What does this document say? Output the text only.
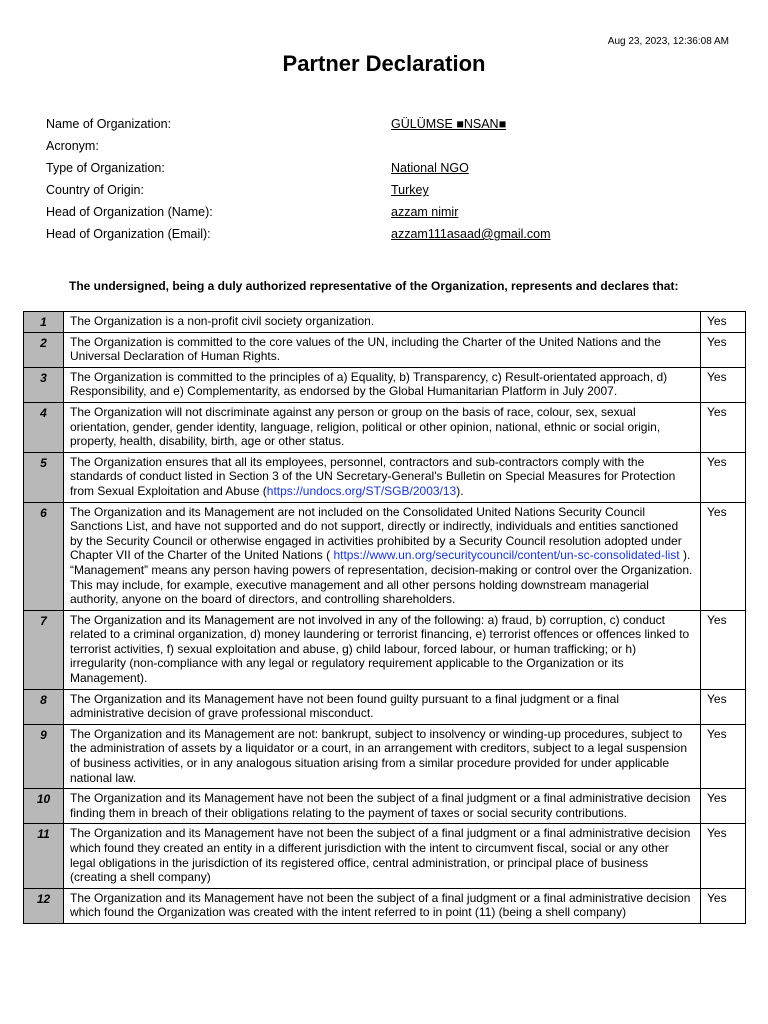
Aug 23, 2023, 12:36:08 AM
Partner Declaration
Name of Organization:	GÜLÜMSE ■NSAN■
Acronym:
Type of Organization:	National NGO
Country of Origin:	Turkey
Head of Organization (Name):	azzam nimir
Head of Organization (Email):	azzam111asaad@gmail.com
The undersigned, being a duly authorized representative of the Organization, represents and declares that:
1	The Organization is a non-profit civil society organization.	Yes
2	The Organization is committed to the core values of the UN, including the Charter of the United Nations and the Universal Declaration of Human Rights.	Yes
3	The Organization is committed to the principles of a) Equality, b) Transparency, c) Result-orientated approach, d) Responsibility, and e) Complementarity, as endorsed by the Global Humanitarian Platform in July 2007.	Yes
4	The Organization will not discriminate against any person or group on the basis of race, colour, sex, sexual orientation, gender, gender identity, language, religion, political or other opinion, national, ethnic or social origin, property, health, disability, birth, age or other status.	Yes
5	The Organization ensures that all its employees, personnel, contractors and sub-contractors comply with the standards of conduct listed in Section 3 of the UN Secretary-General's Bulletin on Special Measures for Protection from Sexual Exploitation and Abuse (https://undocs.org/ST/SGB/2003/13).	Yes
6	The Organization and its Management are not included on the Consolidated United Nations Security Council Sanctions List, and have not supported and do not support, directly or indirectly, individuals and entities sanctioned by the Security Council or otherwise engaged in activities prohibited by a Security Council resolution adopted under Chapter VII of the Charter of the United Nations ( https://www.un.org/securitycouncil/content/un-sc-consolidated-list ). “Management” means any person having powers of representation, decision-making or control over the Organization. This may include, for example, executive management and all other persons holding downstream managerial authority, anyone on the board of directors, and controlling shareholders.	Yes
7	The Organization and its Management are not involved in any of the following: a) fraud, b) corruption, c) conduct related to a criminal organization, d) money laundering or terrorist financing, e) terrorist offences or offences linked to terrorist activities, f) sexual exploitation and abuse, g) child labour, forced labour, or human trafficking; or h) irregularity (non-compliance with any legal or regulatory requirement applicable to the Organization or its Management).	Yes
8	The Organization and its Management have not been found guilty pursuant to a final judgment or a final administrative decision of grave professional misconduct.	Yes
9	The Organization and its Management are not: bankrupt, subject to insolvency or winding-up procedures, subject to the administration of assets by a liquidator or a court, in an arrangement with creditors, subject to a legal suspension of business activities, or in any analogous situation arising from a similar procedure provided for under applicable national law.	Yes
10	The Organization and its Management have not been the subject of a final judgment or a final administrative decision finding them in breach of their obligations relating to the payment of taxes or social security contributions.	Yes
11	The Organization and its Management have not been the subject of a final judgment or a final administrative decision which found they created an entity in a different jurisdiction with the intent to circumvent fiscal, social or any other legal obligations in the jurisdiction of its registered office, central administration, or principal place of business (creating a shell company)	Yes
12	The Organization and its Management have not been the subject of a final judgment or a final administrative decision which found the Organization was created with the intent referred to in point (11) (being a shell company)	Yes
